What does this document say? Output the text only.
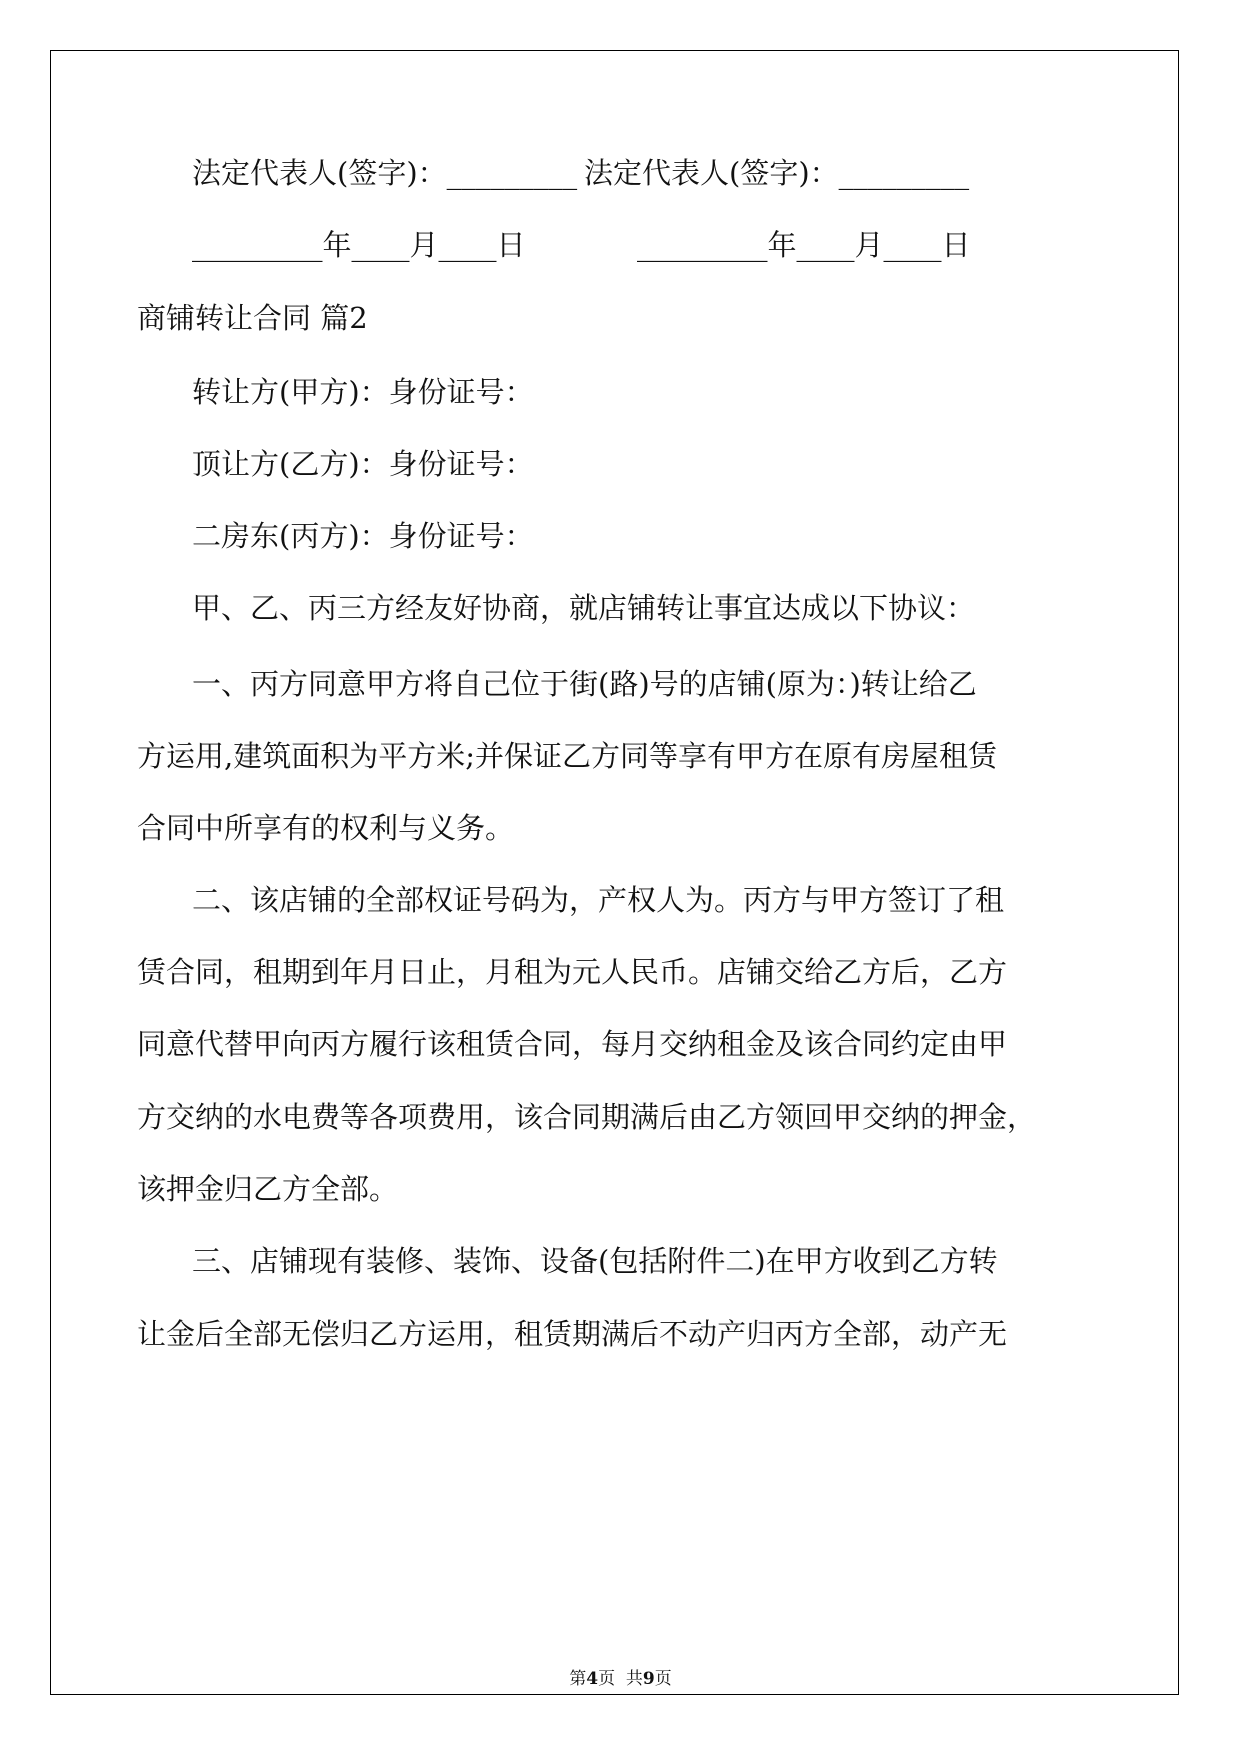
法定代表人(签字)：_________ 法定代表人(签字)：_________

_________年____月____日	_________年____月____日

商铺转让合同 篇2

转让方(甲方)：身份证号：

顶让方(乙方)：身份证号：

二房东(丙方)：身份证号：

甲、乙、丙三方经友好协商，就店铺转让事宜达成以下协议：

一、丙方同意甲方将自己位于街(路)号的店铺(原为：)转让给乙

方运用,建筑面积为平方米;并保证乙方同等享有甲方在原有房屋租赁

合同中所享有的权利与义务。

二、该店铺的全部权证号码为，产权人为。丙方与甲方签订了租

赁合同，租期到年月日止，月租为元人民币。店铺交给乙方后，乙方

同意代替甲向丙方履行该租赁合同，每月交纳租金及该合同约定由甲

方交纳的水电费等各项费用，该合同期满后由乙方领回甲交纳的押金，

该押金归乙方全部。

三、店铺现有装修、装饰、设备(包括附件二)在甲方收到乙方转

让金后全部无偿归乙方运用，租赁期满后不动产归丙方全部，动产无

第4页  共9页
